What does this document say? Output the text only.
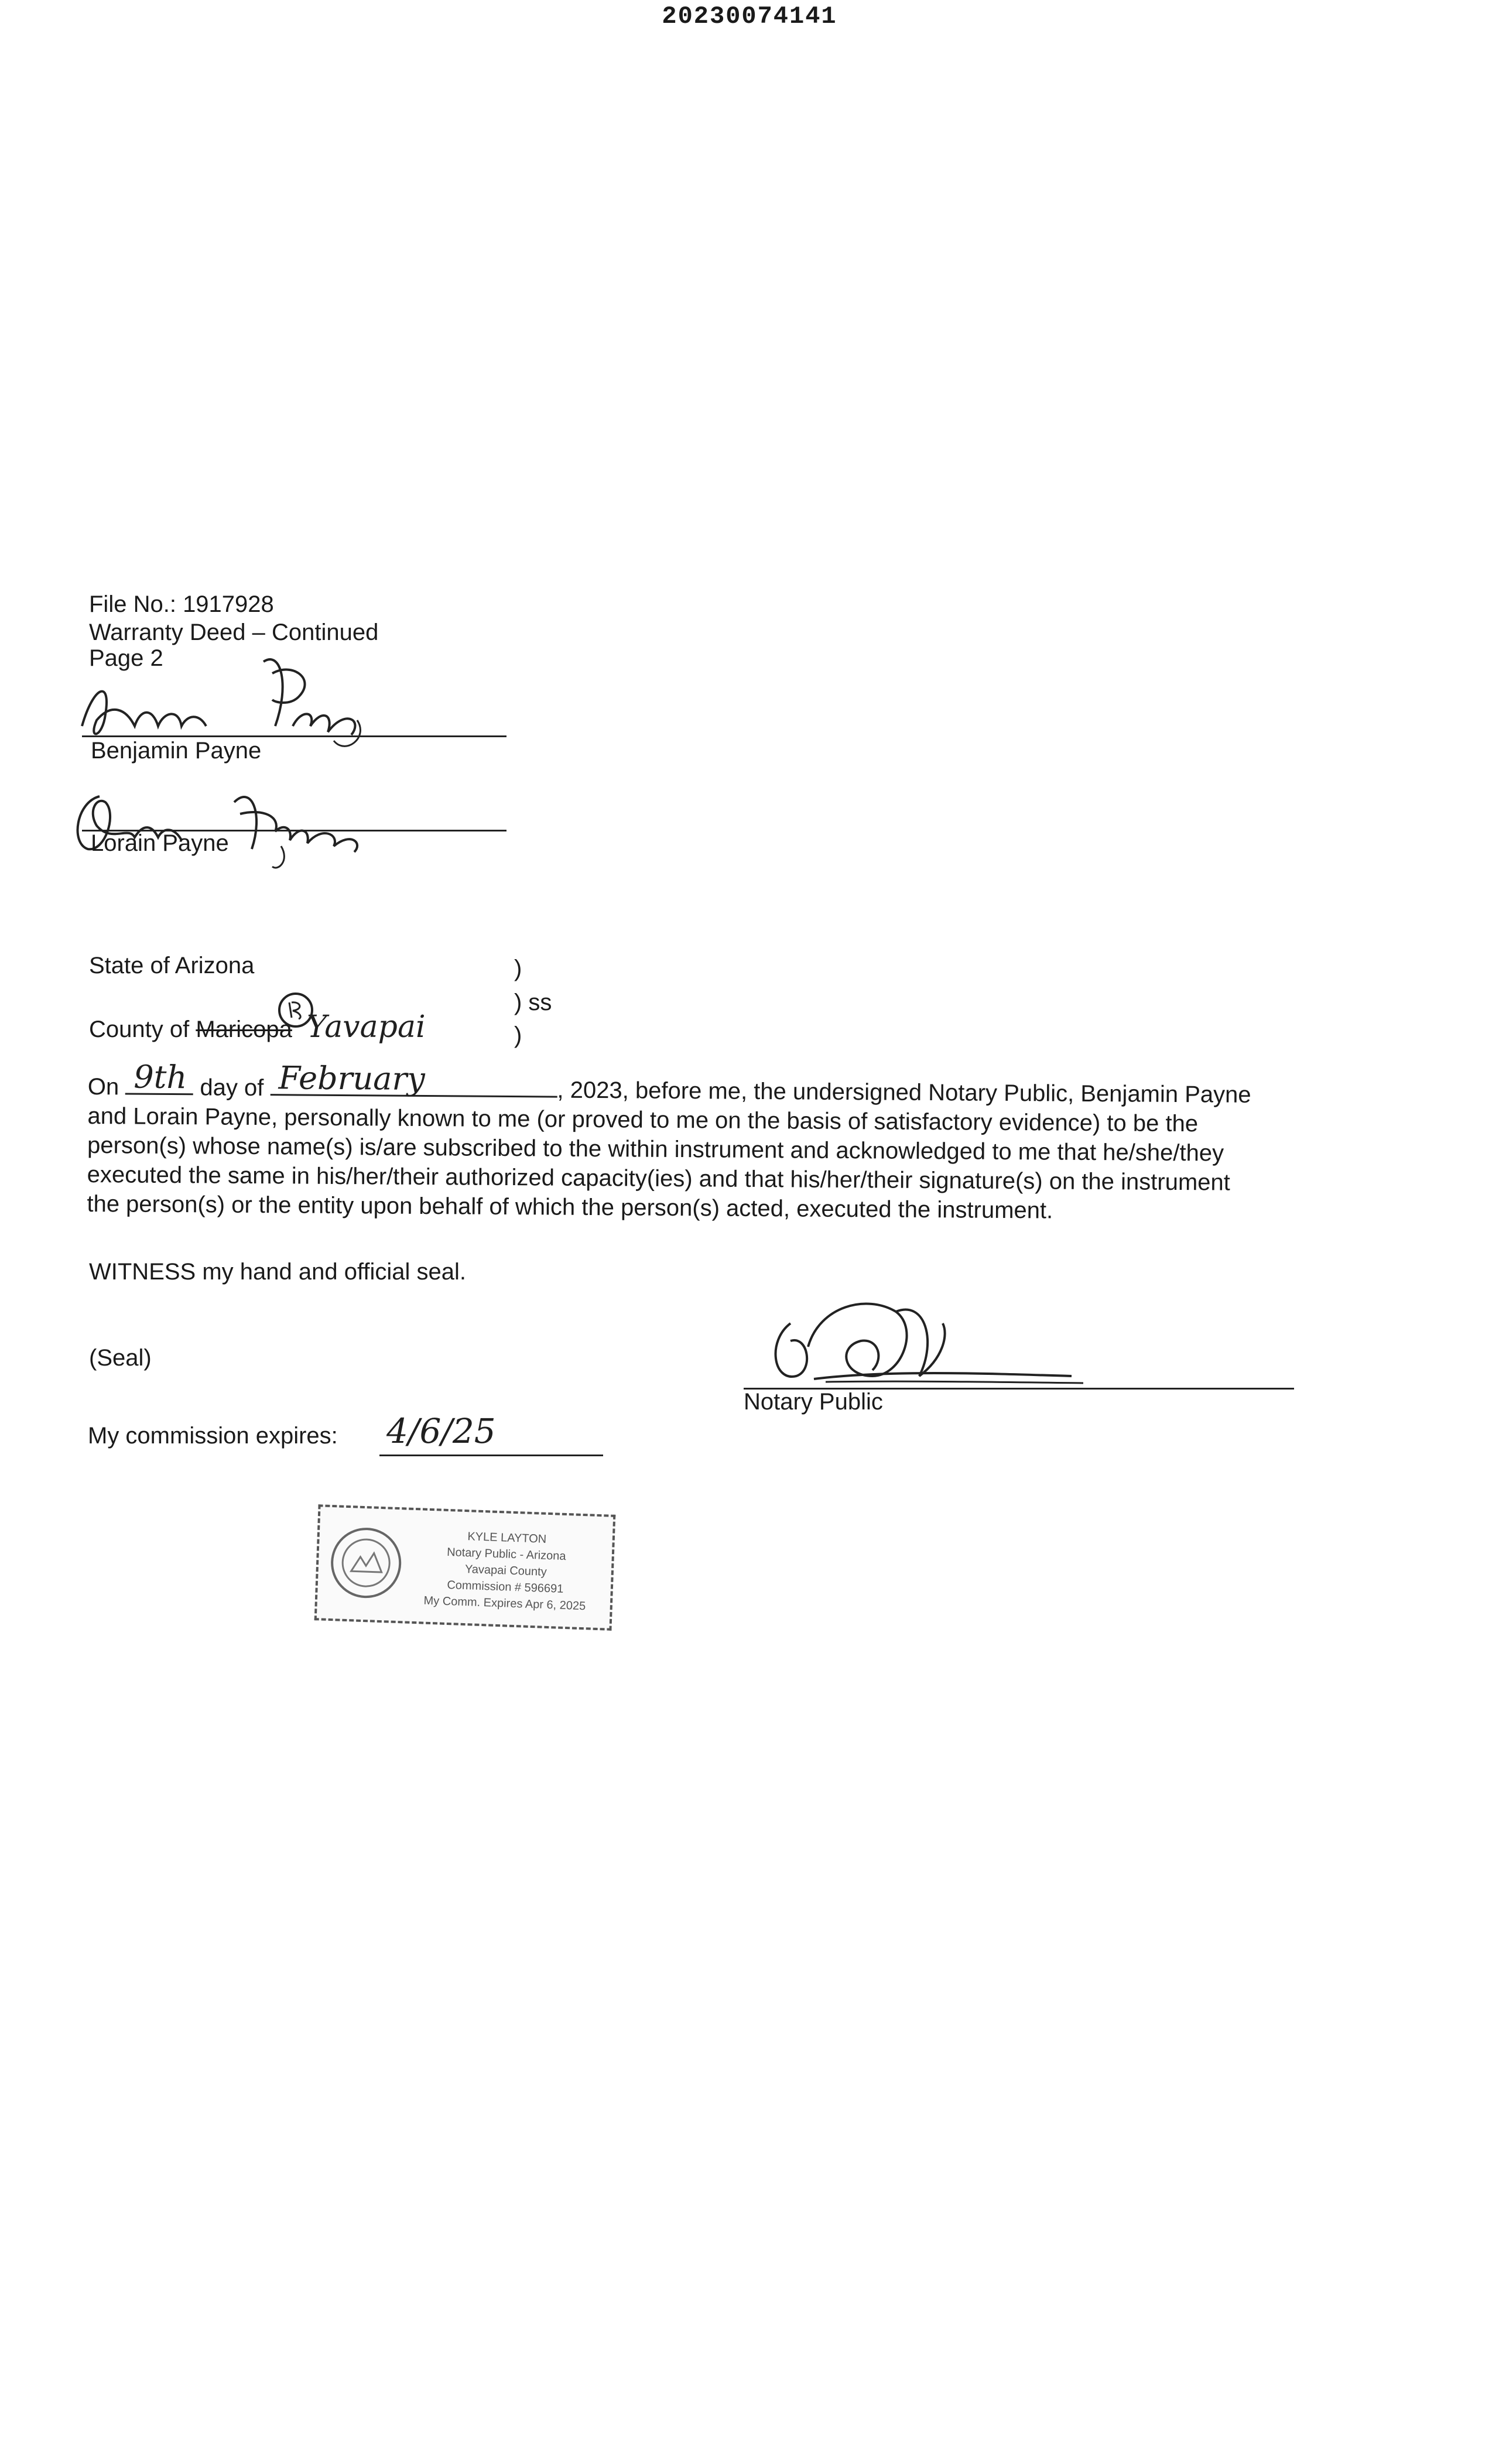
20230074141
File No.: 1917928
Warranty Deed – Continued
Page 2
Benjamin Payne
Lorain Payne
State of Arizona	)
) ss
)
County of Maricopa Yavapai

On 9th day of February	, 2023, before me, the undersigned Notary Public, Benjamin Payne

and Lorain Payne, personally known to me (or proved to me on the basis of satisfactory evidence) to be the

person(s) whose name(s) is/are subscribed to the within instrument and acknowledged to me that he/she/they

executed the same in his/her/their authorized capacity(ies) and that his/her/their signature(s) on the instrument

the person(s) or the entity upon behalf of which the person(s) acted, executed the instrument.

WITNESS my hand and official seal.
(Seal)
Notary Public
My commission expires: 4/6/25
KYLE LAYTON
Notary Public - Arizona
Yavapai County
Commission # 596691
My Comm. Expires Apr 6, 2025
